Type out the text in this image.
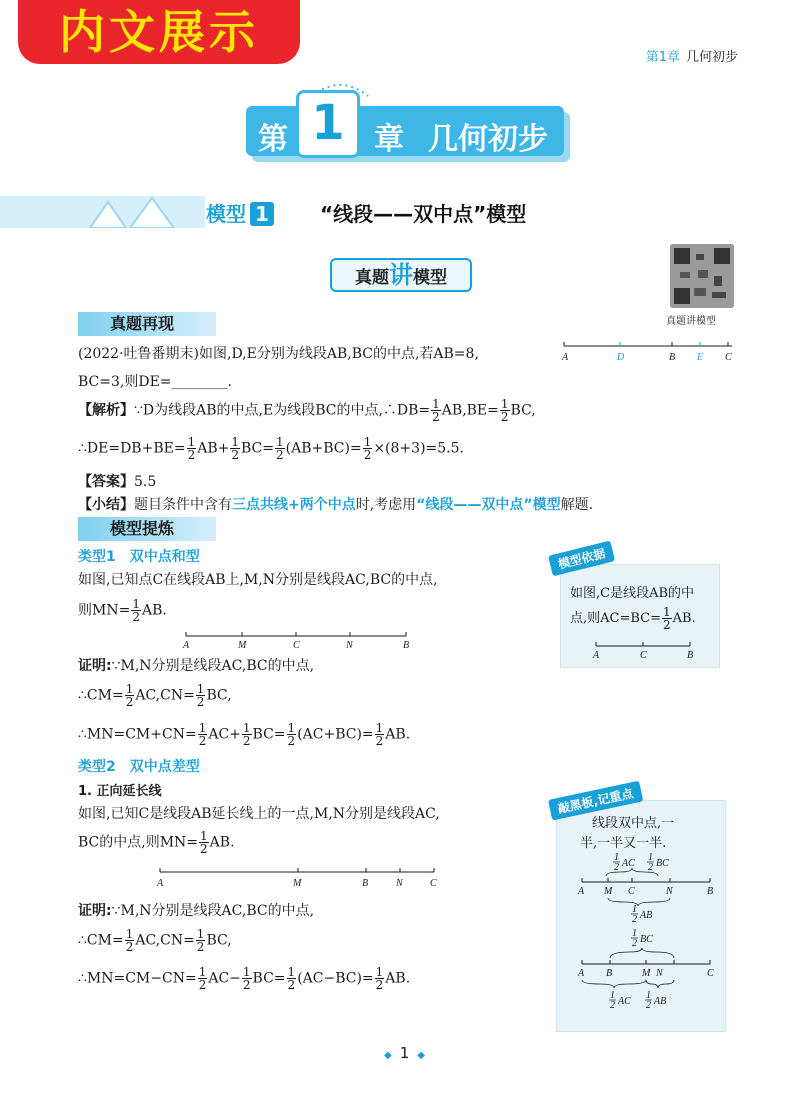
内文展示	第1章 几何初步
第 1 章 几何初步
模型 1	“线段——双中点”模型
真题讲模型
真题讲模型
真题再现
(2022·吐鲁番期末)如图,D,E分别为线段AB,BC的中点,若AB=8,
BC=3,则DE=________.
A	D	B E C
【解析】∵D为线段AB的中点,E为线段BC的中点,∴DB= $\frac{1}{2} AB,BE= \frac{1}{2}$ BC,
∴DE=DB+BE= $\frac{1}{2} AB+ \frac{1}{2} BC= \frac{1}{2} (AB+BC)= \frac{1}{2} \times(8+3)=5.5$.
【答案】5.5
【小结】题目条件中含有三点共线+两个中点时,考虑用“线段——双中点”模型解题.
模型提炼
类型1　双中点和型
如图,已知点C在线段AB上,M,N分别是线段AC,BC的中点,
则$MN= \frac{1}{2}$ AB.
A	M	C	N	B
证明:∵M,N分别是线段AC,BC的中点,
∴CM= $\frac{1}{2} AC,CN= \frac{1}{2}$ BC,
∴MN=CM+CN= $\frac{1}{2} AC+ \frac{1}{2} BC= \frac{1}{2} (AC+BC)= \frac{1}{2}$ AB.
类型2　双中点差型
1. 正向延长线
如图,已知C是线段AB延长线上的一点,M,N分别是线段AC,
BC的中点,则$MN= \frac{1}{2}$ AB.
A	M	B	N	C
证明:∵M,N分别是线段AC,BC的中点,
∴CM= $\frac{1}{2} AC,CN= \frac{1}{2}$ BC,
∴MN=CM−CN= $\frac{1}{2} AC- \frac{1}{2} BC= \frac{1}{2} (AC-BC)= \frac{1}{2}$ AB.
模型依据
如图,C是线段AB的中
点,则$AC=BC= \frac{1}{2}$ AB.
A	C	B
敲黑板,记重点
线段双中点,一
半,一半又一半.
1
2 AC
1
2 BC
A M C	N	B
1
2 AB
1
2 BC
A B	M N	C
1
2 AC
1
2 AB
◆ 1 ◆
